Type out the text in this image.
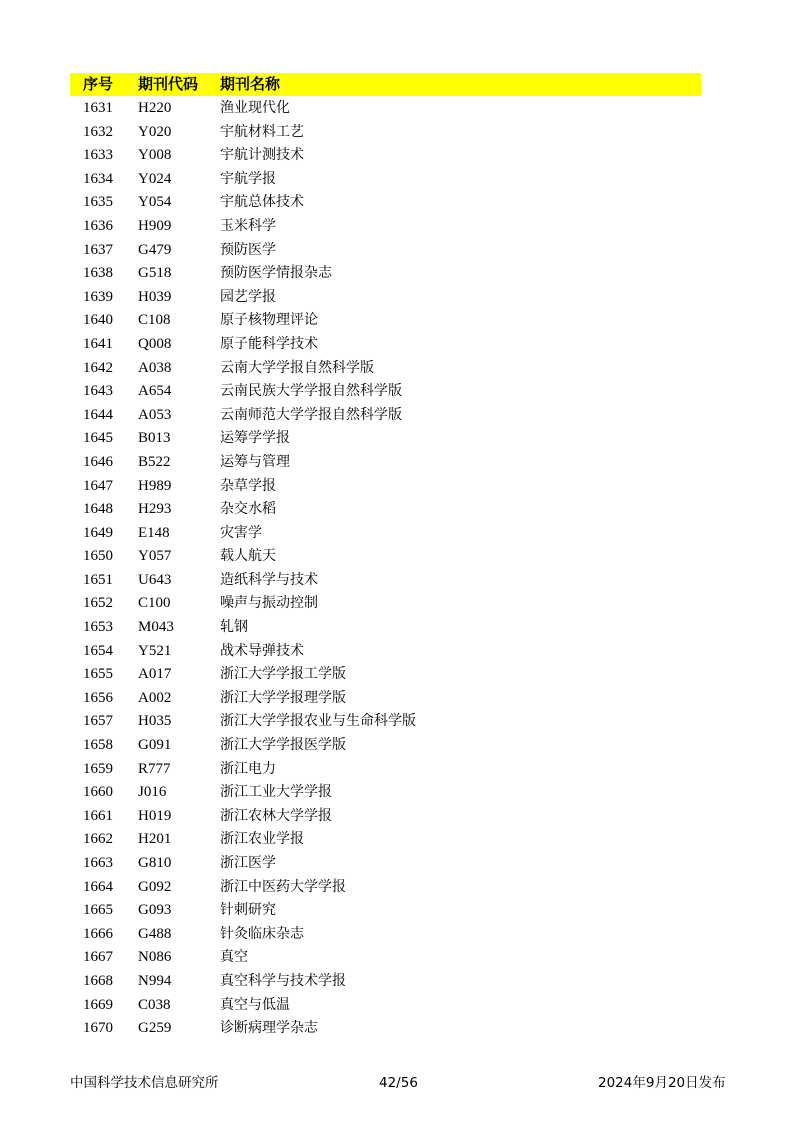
序号 期刊代码 期刊名称
1631 H220	渔业现代化
1632 Y020	宇航材料工艺
1633 Y008	宇航计测技术
1634 Y024	宇航学报
1635 Y054	宇航总体技术
1636 H909	玉米科学
1637 G479	预防医学
1638 G518	预防医学情报杂志
1639 H039	园艺学报
1640 C108	原子核物理评论
1641 Q008	原子能科学技术
1642 A038	云南大学学报自然科学版
1643 A654	云南民族大学学报自然科学版
1644 A053	云南师范大学学报自然科学版
1645 B013	运筹学学报
1646 B522	运筹与管理
1647 H989	杂草学报
1648 H293	杂交水稻
1649 E148	灾害学
1650 Y057	载人航天
1651 U643	造纸科学与技术
1652 C100	噪声与振动控制
1653 M043	轧钢
1654 Y521	战术导弹技术
1655 A017	浙江大学学报工学版
1656 A002	浙江大学学报理学版
1657 H035	浙江大学学报农业与生命科学版
1658 G091	浙江大学学报医学版
1659 R777	浙江电力
1660 J016	浙江工业大学学报
1661 H019	浙江农林大学学报
1662 H201	浙江农业学报
1663 G810	浙江医学
1664 G092	浙江中医药大学学报
1665 G093	针刺研究
1666 G488	针灸临床杂志
1667 N086	真空
1668 N994	真空科学与技术学报
1669 C038	真空与低温
1670 G259	诊断病理学杂志
中国科学技术信息研究所	42/56	2024年9月20日发布
